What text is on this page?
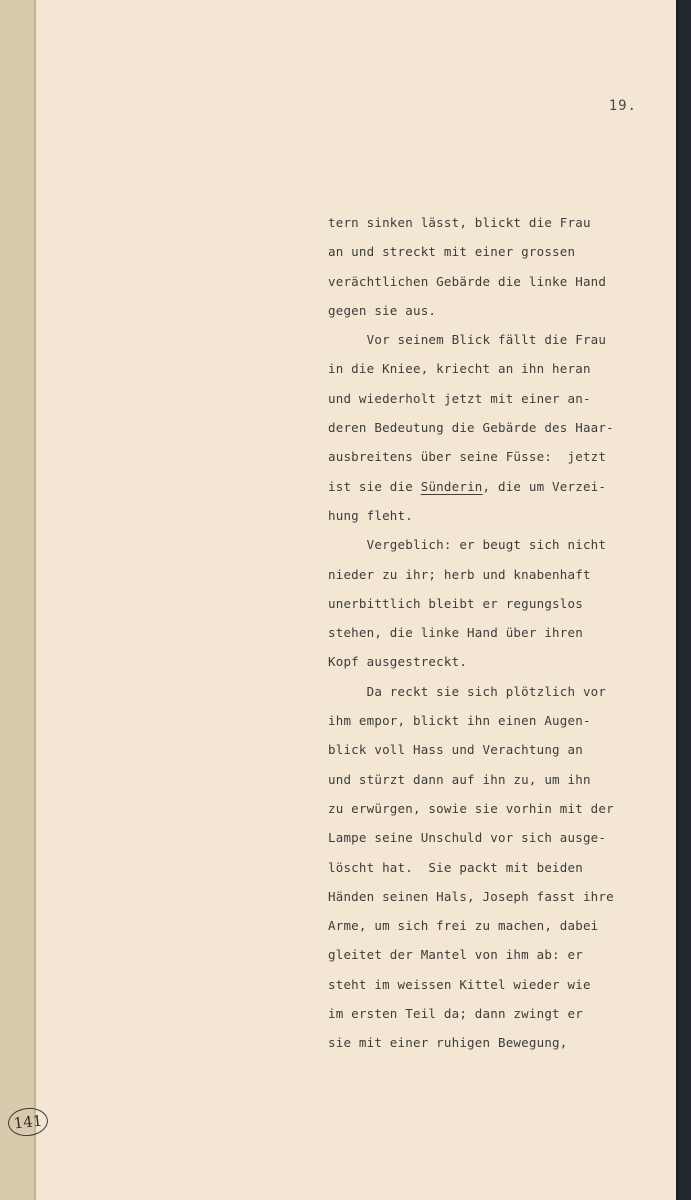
19.
tern sinken lässt, blickt die Frau
an und streckt mit einer grossen
verächtlichen Gebärde die linke Hand
gegen sie aus.
Vor seinem Blick fällt die Frau
in die Kniee, kriecht an ihn heran
und wiederholt jetzt mit einer an-
deren Bedeutung die Gebärde des Haar-
ausbreitens über seine Füsse:  jetzt
ist sie die Sünderin, die um Verzei-
hung fleht.
Vergeblich: er beugt sich nicht
nieder zu ihr; herb und knabenhaft
unerbittlich bleibt er regungslos
stehen, die linke Hand über ihren
Kopf ausgestreckt.
Da reckt sie sich plötzlich vor
ihm empor, blickt ihn einen Augen-
blick voll Hass und Verachtung an
und stürzt dann auf ihn zu, um ihn
zu erwürgen, sowie sie vorhin mit der
Lampe seine Unschuld vor sich ausge-
löscht hat.  Sie packt mit beiden
Händen seinen Hals, Joseph fasst ihre
Arme, um sich frei zu machen, dabei
gleitet der Mantel von ihm ab: er
steht im weissen Kittel wieder wie
im ersten Teil da; dann zwingt er
sie mit einer ruhigen Bewegung,
141
